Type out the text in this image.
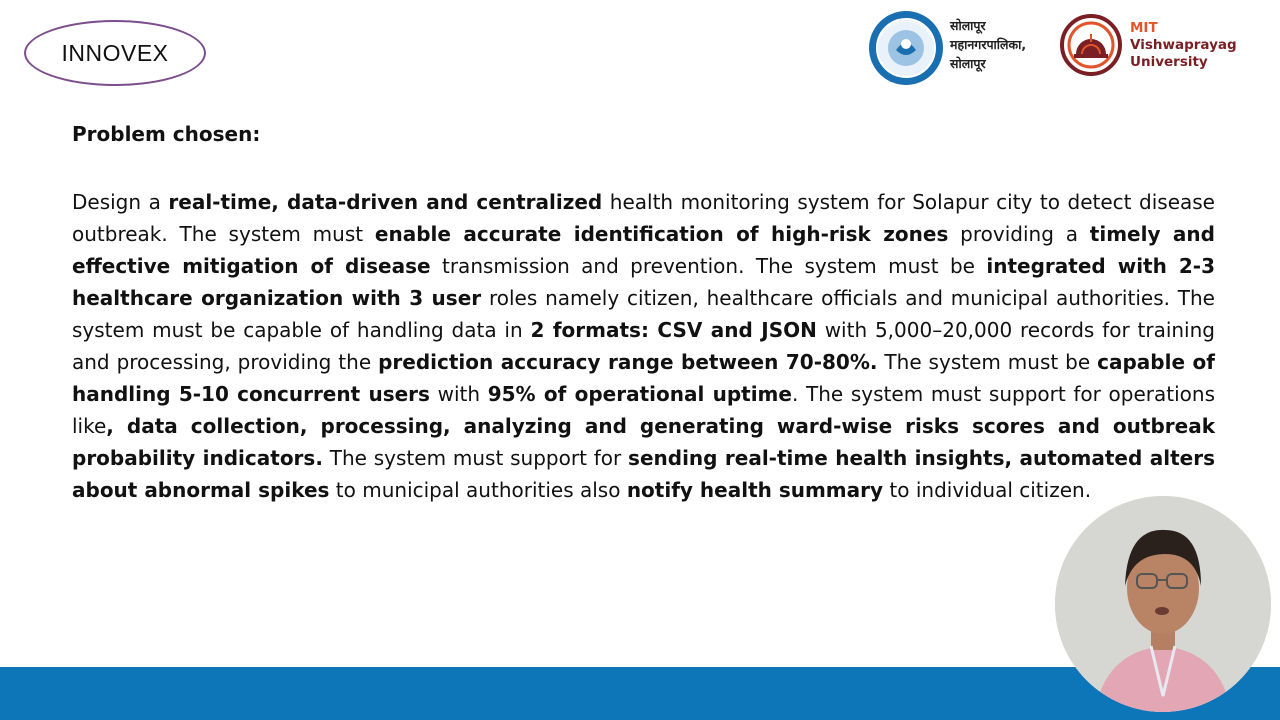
INNOVEX
सोलापूर
महानगरपालिका,
सोलापूर
MIT
Vishwaprayag
University

Problem chosen:

Design a real-time, data-driven and centralized health monitoring system for Solapur city to detect disease outbreak. The system must enable accurate identification of high-risk zones providing a timely and effective mitigation of disease transmission and prevention. The system must be integrated with 2-3 healthcare organization with 3 user roles namely citizen, healthcare officials and municipal authorities. The system must be capable of handling data in 2 formats: CSV and JSON with 5,000–20,000 records for training and processing, providing the prediction accuracy range between 70-80%. The system must be capable of handling 5-10 concurrent users with 95% of operational uptime. The system must support for operations like, data collection, processing, analyzing and generating ward-wise risks scores and outbreak probability indicators. The system must support for sending real-time health insights, automated alters about abnormal spikes to municipal authorities also notify health summary to individual citizen.
